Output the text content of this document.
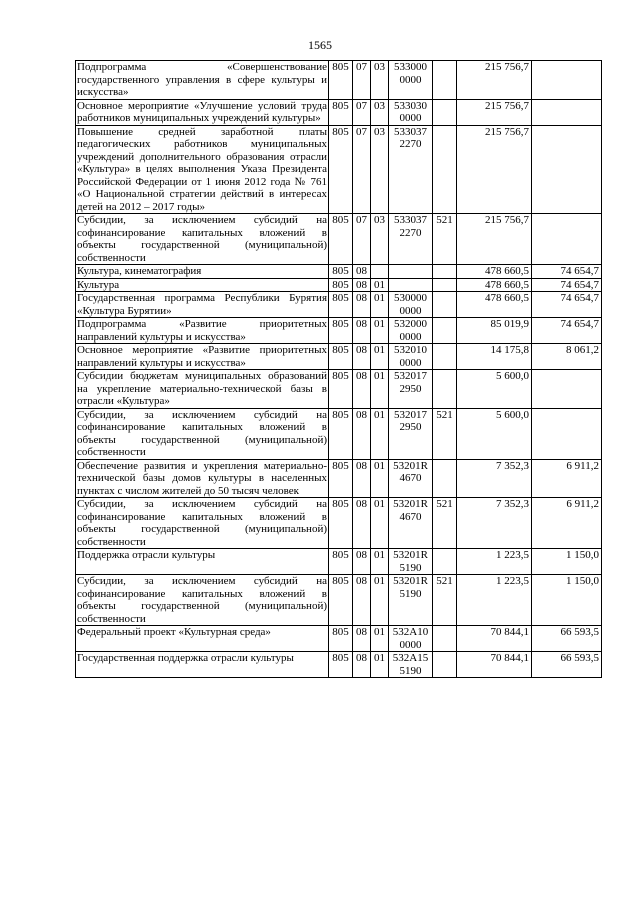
1565
Подпрограмма «Совершенствование государственного управления в сфере культуры и искусства»	805	07	03	533000 0000		215 756,7	
Основное мероприятие «Улучшение условий труда работников муниципальных учреждений культуры»	805	07	03	533030 0000		215 756,7	
Повышение средней заработной платы педагогических работников муниципальных учреждений дополнительного образования отрасли «Культура» в целях выполнения Указа Президента Российской Федерации от 1 июня 2012 года № 761 «О Национальной стратегии действий в интересах детей на 2012 – 2017 годы»	805	07	03	533037 2270		215 756,7	
Субсидии, за исключением субсидий на софинансирование капитальных вложений в объекты государственной (муниципальной) собственности	805	07	03	533037 2270	521	215 756,7	
Культура, кинематография	805	08				478 660,5	74 654,7
Культура	805	08	01			478 660,5	74 654,7
Государственная программа Республики Бурятия «Культура Бурятии»	805	08	01	530000 0000		478 660,5	74 654,7
Подпрограмма «Развитие приоритетных направлений культуры и искусства»	805	08	01	532000 0000		85 019,9	74 654,7
Основное мероприятие «Развитие приоритетных направлений культуры и искусства»	805	08	01	532010 0000		14 175,8	8 061,2
Субсидии бюджетам муниципальных образований на укрепление материально-технической базы в отрасли «Культура»	805	08	01	532017 2950		5 600,0	
Субсидии, за исключением субсидий на софинансирование капитальных вложений в объекты государственной (муниципальной) собственности	805	08	01	532017 2950	521	5 600,0	
Обеспечение развития и укрепления материально-технической базы домов культуры в населенных пунктах с числом жителей до 50 тысяч человек	805	08	01	53201R 4670		7 352,3	6 911,2
Субсидии, за исключением субсидий на софинансирование капитальных вложений в объекты государственной (муниципальной) собственности	805	08	01	53201R 4670	521	7 352,3	6 911,2
Поддержка отрасли культуры	805	08	01	53201R 5190		1 223,5	1 150,0
Субсидии, за исключением субсидий на софинансирование капитальных вложений в объекты государственной (муниципальной) собственности	805	08	01	53201R 5190	521	1 223,5	1 150,0
Федеральный проект «Культурная среда»	805	08	01	532A10 0000		70 844,1	66 593,5
Государственная поддержка отрасли культуры	805	08	01	532A15 5190		70 844,1	66 593,5
